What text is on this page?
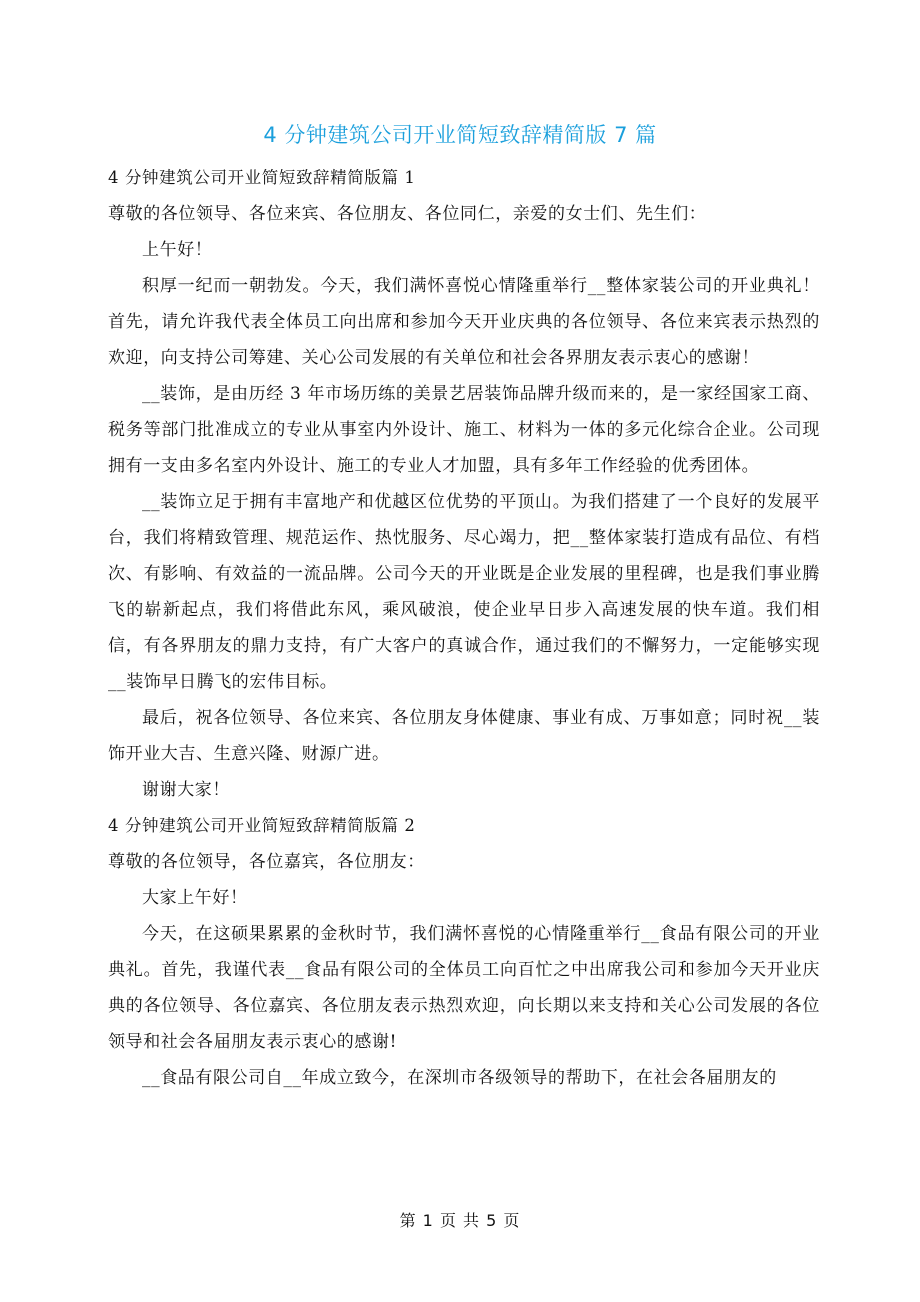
4 分钟建筑公司开业简短致辞精简版 7 篇

4 分钟建筑公司开业简短致辞精简版篇 1

尊敬的各位领导、各位来宾、各位朋友、各位同仁，亲爱的女士们、先生们：

上午好！

积厚一纪而一朝勃发。今天，我们满怀喜悦心情隆重举行__整体家装公司的开业典礼！首先，请允许我代表全体员工向出席和参加今天开业庆典的各位领导、各位来宾表示热烈的欢迎，向支持公司筹建、关心公司发展的有关单位和社会各界朋友表示衷心的感谢！

__装饰，是由历经 3 年市场历练的美景艺居装饰品牌升级而来的，是一家经国家工商、税务等部门批准成立的专业从事室内外设计、施工、材料为一体的多元化综合企业。公司现拥有一支由多名室内外设计、施工的专业人才加盟，具有多年工作经验的优秀团体。

__装饰立足于拥有丰富地产和优越区位优势的平顶山。为我们搭建了一个良好的发展平台，我们将精致管理、规范运作、热忱服务、尽心竭力，把__整体家装打造成有品位、有档次、有影响、有效益的一流品牌。公司今天的开业既是企业发展的里程碑，也是我们事业腾飞的崭新起点，我们将借此东风，乘风破浪，使企业早日步入高速发展的快车道。我们相信，有各界朋友的鼎力支持，有广大客户的真诚合作，通过我们的不懈努力，一定能够实现__装饰早日腾飞的宏伟目标。

最后，祝各位领导、各位来宾、各位朋友身体健康、事业有成、万事如意；同时祝__装饰开业大吉、生意兴隆、财源广进。

谢谢大家！

4 分钟建筑公司开业简短致辞精简版篇 2

尊敬的各位领导，各位嘉宾，各位朋友：

大家上午好！

今天，在这硕果累累的金秋时节，我们满怀喜悦的心情隆重举行__食品有限公司的开业典礼。首先，我谨代表__食品有限公司的全体员工向百忙之中出席我公司和参加今天开业庆典的各位领导、各位嘉宾、各位朋友表示热烈欢迎，向长期以来支持和关心公司发展的各位领导和社会各届朋友表示衷心的感谢!

__食品有限公司自__年成立致今，在深圳市各级领导的帮助下，在社会各届朋友的

第 1 页 共 5 页
